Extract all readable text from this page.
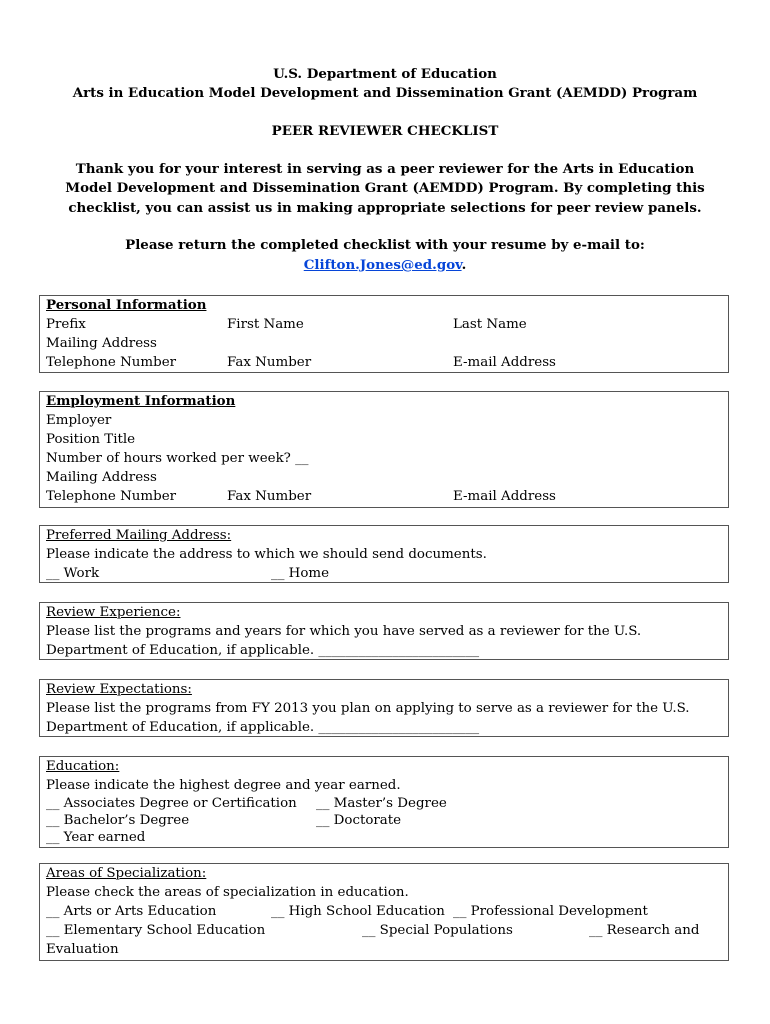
U.S. Department of Education
Arts in Education Model Development and Dissemination Grant (AEMDD) Program
PEER REVIEWER CHECKLIST
Thank you for your interest in serving as a peer reviewer for the Arts in Education
Model Development and Dissemination Grant (AEMDD) Program. By completing this
checklist, you can assist us in making appropriate selections for peer review panels.
Please return the completed checklist with your resume by e-mail to:
Clifton.Jones@ed.gov.
Personal Information
Prefix	First Name	Last Name
Mailing Address
Telephone Number	Fax Number	E-mail Address
Employment Information
Employer
Position Title
Number of hours worked per week? __
Mailing Address
Telephone Number	Fax Number	E-mail Address
Preferred Mailing Address:
Please indicate the address to which we should send documents.
__ Work	__ Home
Review Experience:
Please list the programs and years for which you have served as a reviewer for the U.S.
Department of Education, if applicable. ________________________
Review Expectations:
Please list the programs from FY 2013 you plan on applying to serve as a reviewer for the U.S.
Department of Education, if applicable. ________________________
Education:
Please indicate the highest degree and year earned.
__ Associates Degree or Certification __ Master’s Degree
__ Bachelor’s Degree	__ Doctorate
__ Year earned
Areas of Specialization:
Please check the areas of specialization in education.
__ Arts or Arts Education	__ High School Education __ Professional Development
__ Elementary School Education	__ Special Populations	__ Research and
Evaluation
